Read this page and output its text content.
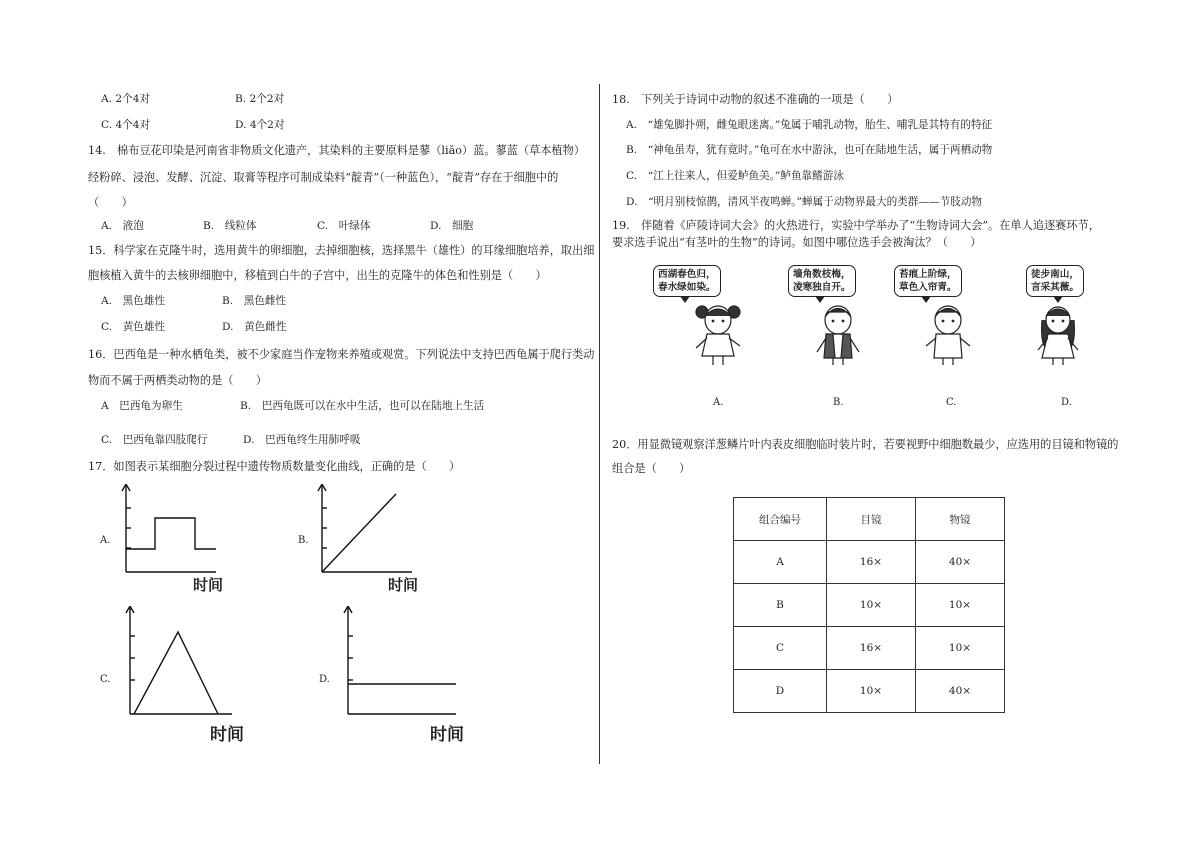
A. 2个4对	B. 2个2对
C. 4个4对	D. 4个2对
14.　棉布豆花印染是河南省非物质文化遗产，其染料的主要原料是蓼（liǎo）蓝。蓼蓝（草本植物）
经粉碎、浸泡、发酵、沉淀、取膏等程序可制成染料“靛青”（一种蓝色），“靛青”存在于细胞中的
（　　）
A.　液泡	B.　线粒体	C.　叶绿体	D.　细胞
15．科学家在克隆牛时，选用黄牛的卵细胞，去掉细胞核，选择黑牛（雄性）的耳缘细胞培养，取出细
胞核植入黄牛的去核卵细胞中，移植到白牛的子宫中，出生的克隆牛的体色和性别是（　　）
A.　黑色雄性	B.　黑色雌性
C.　黄色雄性	D.　黄色雌性
16．巴西龟是一种水栖龟类，被不少家庭当作宠物来养殖或观赏。下列说法中支持巴西龟属于爬行类动
物而不属于两栖类动物的是（　　）
A　巴西龟为卵生	B.　巴西龟既可以在水中生活，也可以在陆地上生活
C.　巴西龟靠四肢爬行	D.　巴西龟终生用肺呼吸
17．如图表示某细胞分裂过程中遗传物质数量变化曲线，正确的是（　　）
A.
时间
B.
时间
C.
时间
D.
时间
18.　下列关于诗词中动物的叙述不准确的一项是（　　）
A.　“雄兔脚扑朔，雌兔眼迷离。”兔属于哺乳动物，胎生、哺乳是其特有的特征
B.　“神龟虽寿，犹有竟时。”龟可在水中游泳，也可在陆地生活，属于两栖动物
C.　“江上往来人，但爱鲈鱼美。”鲈鱼靠鳍游泳
D.　“明月别枝惊鹊，清风半夜鸣蝉。”蝉属于动物界最大的类群——节肢动物
19.　伴随着《庐陵诗词大会》的火热进行，实验中学举办了“生物诗词大会”。在单人追逐赛环节，
要求选手说出“有茎叶的生物”的诗词。如图中哪位选手会被淘汰？（　　）
西湖春色归，
春水绿如染。
墙角数枝梅，
凌寒独自开。
苔痕上阶绿，
草色入帘青。
徒步南山，
言采其薇。
A.	B.	C.	D.
20．用显微镜观察洋葱鳞片叶内表皮细胞临时装片时，若要视野中细胞数最少，应选用的目镜和物镜的
组合是（　　）
组合编号	目镜	物镜
A	16×	40×
B	10×	10×
C	16×	10×
D	10×	40×
